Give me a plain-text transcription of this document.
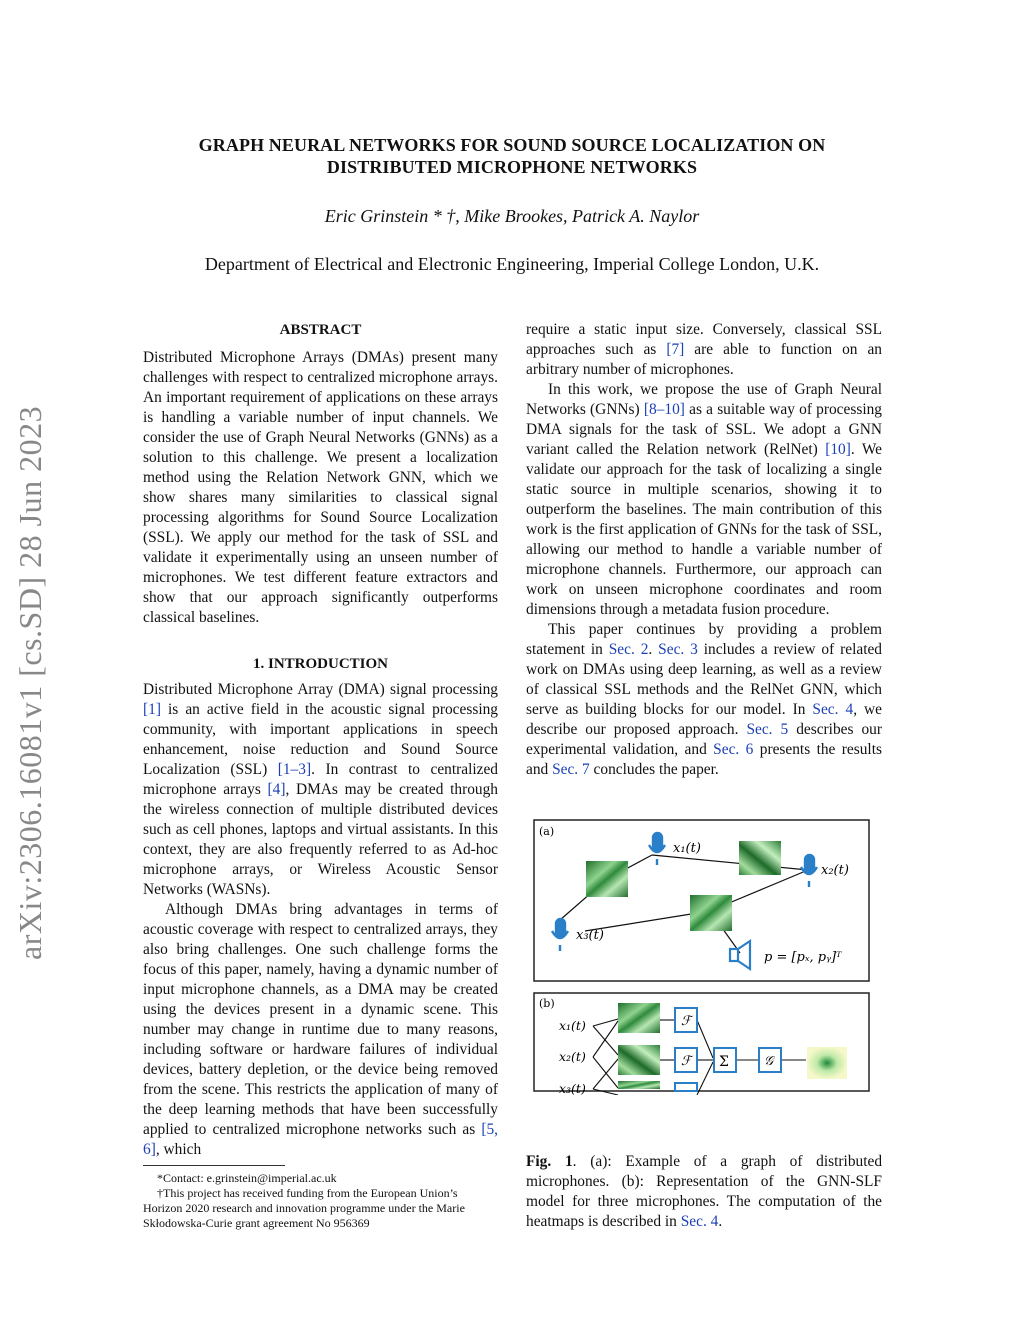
arXiv:2306.16081v1 [cs.SD] 28 Jun 2023
GRAPH NEURAL NETWORKS FOR SOUND SOURCE LOCALIZATION ON
DISTRIBUTED MICROPHONE NETWORKS
Eric Grinstein * †, Mike Brookes, Patrick A. Naylor
Department of Electrical and Electronic Engineering, Imperial College London, U.K.
ABSTRACT

Distributed Microphone Arrays (DMAs) present many challenges with respect to centralized microphone arrays. An important requirement of applications on these arrays is handling a variable number of input channels. We consider the use of Graph Neural Networks (GNNs) as a solution to this challenge. We present a localization method using the Relation Network GNN, which we show shares many similarities to classical signal processing algorithms for Sound Source Localization (SSL). We apply our method for the task of SSL and validate it experimentally using an unseen number of microphones. We test different feature extractors and show that our approach significantly outperforms classical baselines.

1. INTRODUCTION

Distributed Microphone Array (DMA) signal processing [1] is an active field in the acoustic signal processing community, with important applications in speech enhancement, noise reduction and Sound Source Localization (SSL) [1–3]. In contrast to centralized microphone arrays [4], DMAs may be created through the wireless connection of multiple distributed devices such as cell phones, laptops and virtual assistants. In this context, they are also frequently referred to as Ad-hoc microphone arrays, or Wireless Acoustic Sensor Networks (WASNs).

Although DMAs bring advantages in terms of acoustic coverage with respect to centralized arrays, they also bring challenges. One such challenge forms the focus of this paper, namely, having a dynamic number of input microphone channels, as a DMA may be created using the devices present in a dynamic scene. This number may change in runtime due to many reasons, including software or hardware failures of individual devices, battery depletion, or the device being removed from the scene. This restricts the application of many of the deep learning methods that have been successfully applied to centralized microphone networks such as [5, 6], which

*Contact: e.grinstein@imperial.ac.uk
†This project has received funding from the European Union’s Horizon 2020 research and innovation programme under the Marie Skłodowska-Curie grant agreement No 956369

require a static input size. Conversely, classical SSL approaches such as [7] are able to function on an arbitrary number of microphones.

In this work, we propose the use of Graph Neural Networks (GNNs) [8–10] as a suitable way of processing DMA signals for the task of SSL. We adopt a GNN variant called the Relation network (RelNet) [10]. We validate our approach for the task of localizing a single static source in multiple scenarios, showing it to outperform the baselines. The main contribution of this work is the first application of GNNs for the task of SSL, allowing our method to handle a variable number of microphone channels. Furthermore, our approach can work on unseen microphone coordinates and room dimensions through a metadata fusion procedure.

This paper continues by providing a problem statement in Sec. 2. Sec. 3 includes a review of related work on DMAs using deep learning, as well as a review of classical SSL methods and the RelNet GNN, which serve as building blocks for our model. In Sec. 4, we describe our proposed approach. Sec. 5 describes our experimental validation, and Sec. 6 presents the results and Sec. 7 concludes the paper.

(a)
x₁(t)
x₂(t)
x₃(t)
p = [pₓ, pᵧ]ᵀ
(b)
x₁(t)
x₂(t)
x₃(t)
ℱ
ℱ Σ	𝒢
Fig. 1. (a): Example of a graph of distributed microphones. (b): Representation of the GNN-SLF model for three microphones. The computation of the heatmaps is described in Sec. 4.
